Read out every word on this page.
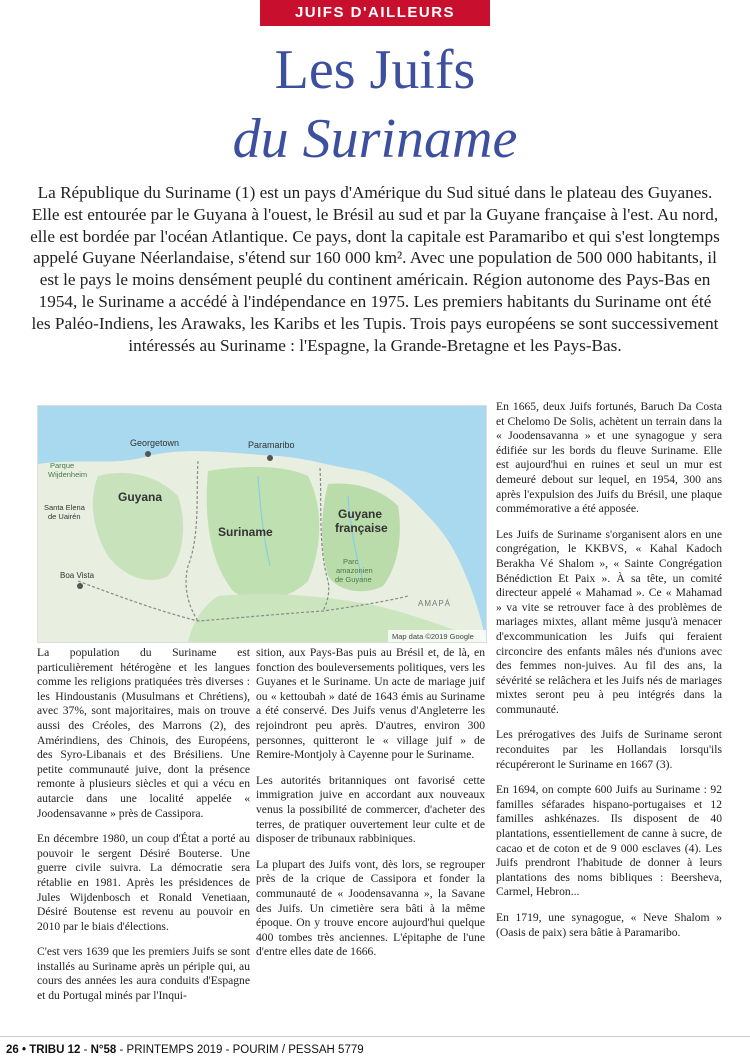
JUIFS D'AILLEURS
Les Juifs
du Suriname
La République du Suriname (1) est un pays d'Amérique du Sud situé dans le plateau des Guyanes. Elle est entourée par le Guyana à l'ouest, le Brésil au sud et par la Guyane française à l'est. Au nord, elle est bordée par l'océan Atlantique. Ce pays, dont la capitale est Paramaribo et qui s'est longtemps appelé Guyane Néerlandaise, s'étend sur 160 000 km². Avec une population de 500 000 habitants, il est le pays le moins densément peuplé du continent américain. Région autonome des Pays-Bas en 1954, le Suriname a accédé à l'indépendance en 1975. Les premiers habitants du Suriname ont été les Paléo-Indiens, les Arawaks, les Karibs et les Tupis. Trois pays européens se sont successivement intéressés au Suriname : l'Espagne, la Grande-Bretagne et les Pays-Bas.
Georgetown	Paramaribo
Guyana
Suriname
Guyane
française
Parque
Wijdenheim
Santa Elena
de Uairén
Boa Vista
Parc
amazonien
de Guyane
AMAPÁ
Map data ©2019 Google

La population du Suriname est particulièrement hétérogène et les langues comme les religions pratiquées très diverses : les Hindoustanis (Musulmans et Chrétiens), avec 37%, sont majoritaires, mais on trouve aussi des Créoles, des Marrons (2), des Amérindiens, des Chinois, des Européens, des Syro-Libanais et des Brésiliens. Une petite communauté juive, dont la présence remonte à plusieurs siècles et qui a vécu en autarcie dans une localité appelée « Joodensavanne » près de Cassipora.

En décembre 1980, un coup d'État a porté au pouvoir le sergent Désiré Bouterse. Une guerre civile suivra. La démocratie sera rétablie en 1981. Après les présidences de Jules Wijdenbosch et Ronald Venetiaan, Désiré Boutense est revenu au pouvoir en 2010 par le biais d'élections.

C'est vers 1639 que les premiers Juifs se sont installés au Suriname après un périple qui, au cours des années les aura conduits d'Espagne et du Portugal minés par l'Inqui-

sition, aux Pays-Bas puis au Brésil et, de là, en fonction des bouleversements politiques, vers les Guyanes et le Suriname. Un acte de mariage juif ou « kettoubah » daté de 1643 émis au Suriname a été conservé. Des Juifs venus d'Angleterre les rejoindront peu après. D'autres, environ 300 personnes, quitteront le « village juif » de Remire-Montjoly à Cayenne pour le Suriname.

Les autorités britanniques ont favorisé cette immigration juive en accordant aux nouveaux venus la possibilité de commercer, d'acheter des terres, de pratiquer ouvertement leur culte et de disposer de tribunaux rabbiniques.

La plupart des Juifs vont, dès lors, se regrouper près de la crique de Cassipora et fonder la communauté de « Joodensavanna », la Savane des Juifs. Un cimetière sera bâti à la même époque. On y trouve encore aujourd'hui quelque 400 tombes très anciennes. L'épitaphe de l'une d'entre elles date de 1666.

En 1665, deux Juifs fortunés, Baruch Da Costa et Chelomo De Solis, achètent un terrain dans la « Joodensavanna » et une synagogue y sera édifiée sur les bords du fleuve Suriname. Elle est aujourd'hui en ruines et seul un mur est demeuré debout sur lequel, en 1954, 300 ans après l'expulsion des Juifs du Brésil, une plaque commémorative a été apposée.

Les Juifs de Suriname s'organisent alors en une congrégation, le KKBVS, « Kahal Kadoch Berakha Vé Shalom », « Sainte Congrégation Bénédiction Et Paix ». À sa tête, un comité directeur appelé « Mahamad ». Ce « Mahamad » va vite se retrouver face à des problèmes de mariages mixtes, allant même jusqu'à menacer d'excommunication les Juifs qui feraient circoncire des enfants mâles nés d'unions avec des femmes non-juives. Au fil des ans, la sévérité se relâchera et les Juifs nés de mariages mixtes seront peu à peu intégrés dans la communauté.

Les prérogatives des Juifs de Suriname seront reconduites par les Hollandais lorsqu'ils récupéreront le Suriname en 1667 (3).

En 1694, on compte 600 Juifs au Suriname : 92 familles séfarades hispano-portugaises et 12 familles ashkénazes. Ils disposent de 40 plantations, essentiellement de canne à sucre, de cacao et de coton et de 9 000 esclaves (4). Les Juifs prendront l'habitude de donner à leurs plantations des noms bibliques : Beersheva, Carmel, Hebron...

En 1719, une synagogue, « Neve Shalom » (Oasis de paix) sera bâtie à Paramaribo.

26 • TRIBU 12 - N°58 - PRINTEMPS 2019 - POURIM / PESSAH 5779
